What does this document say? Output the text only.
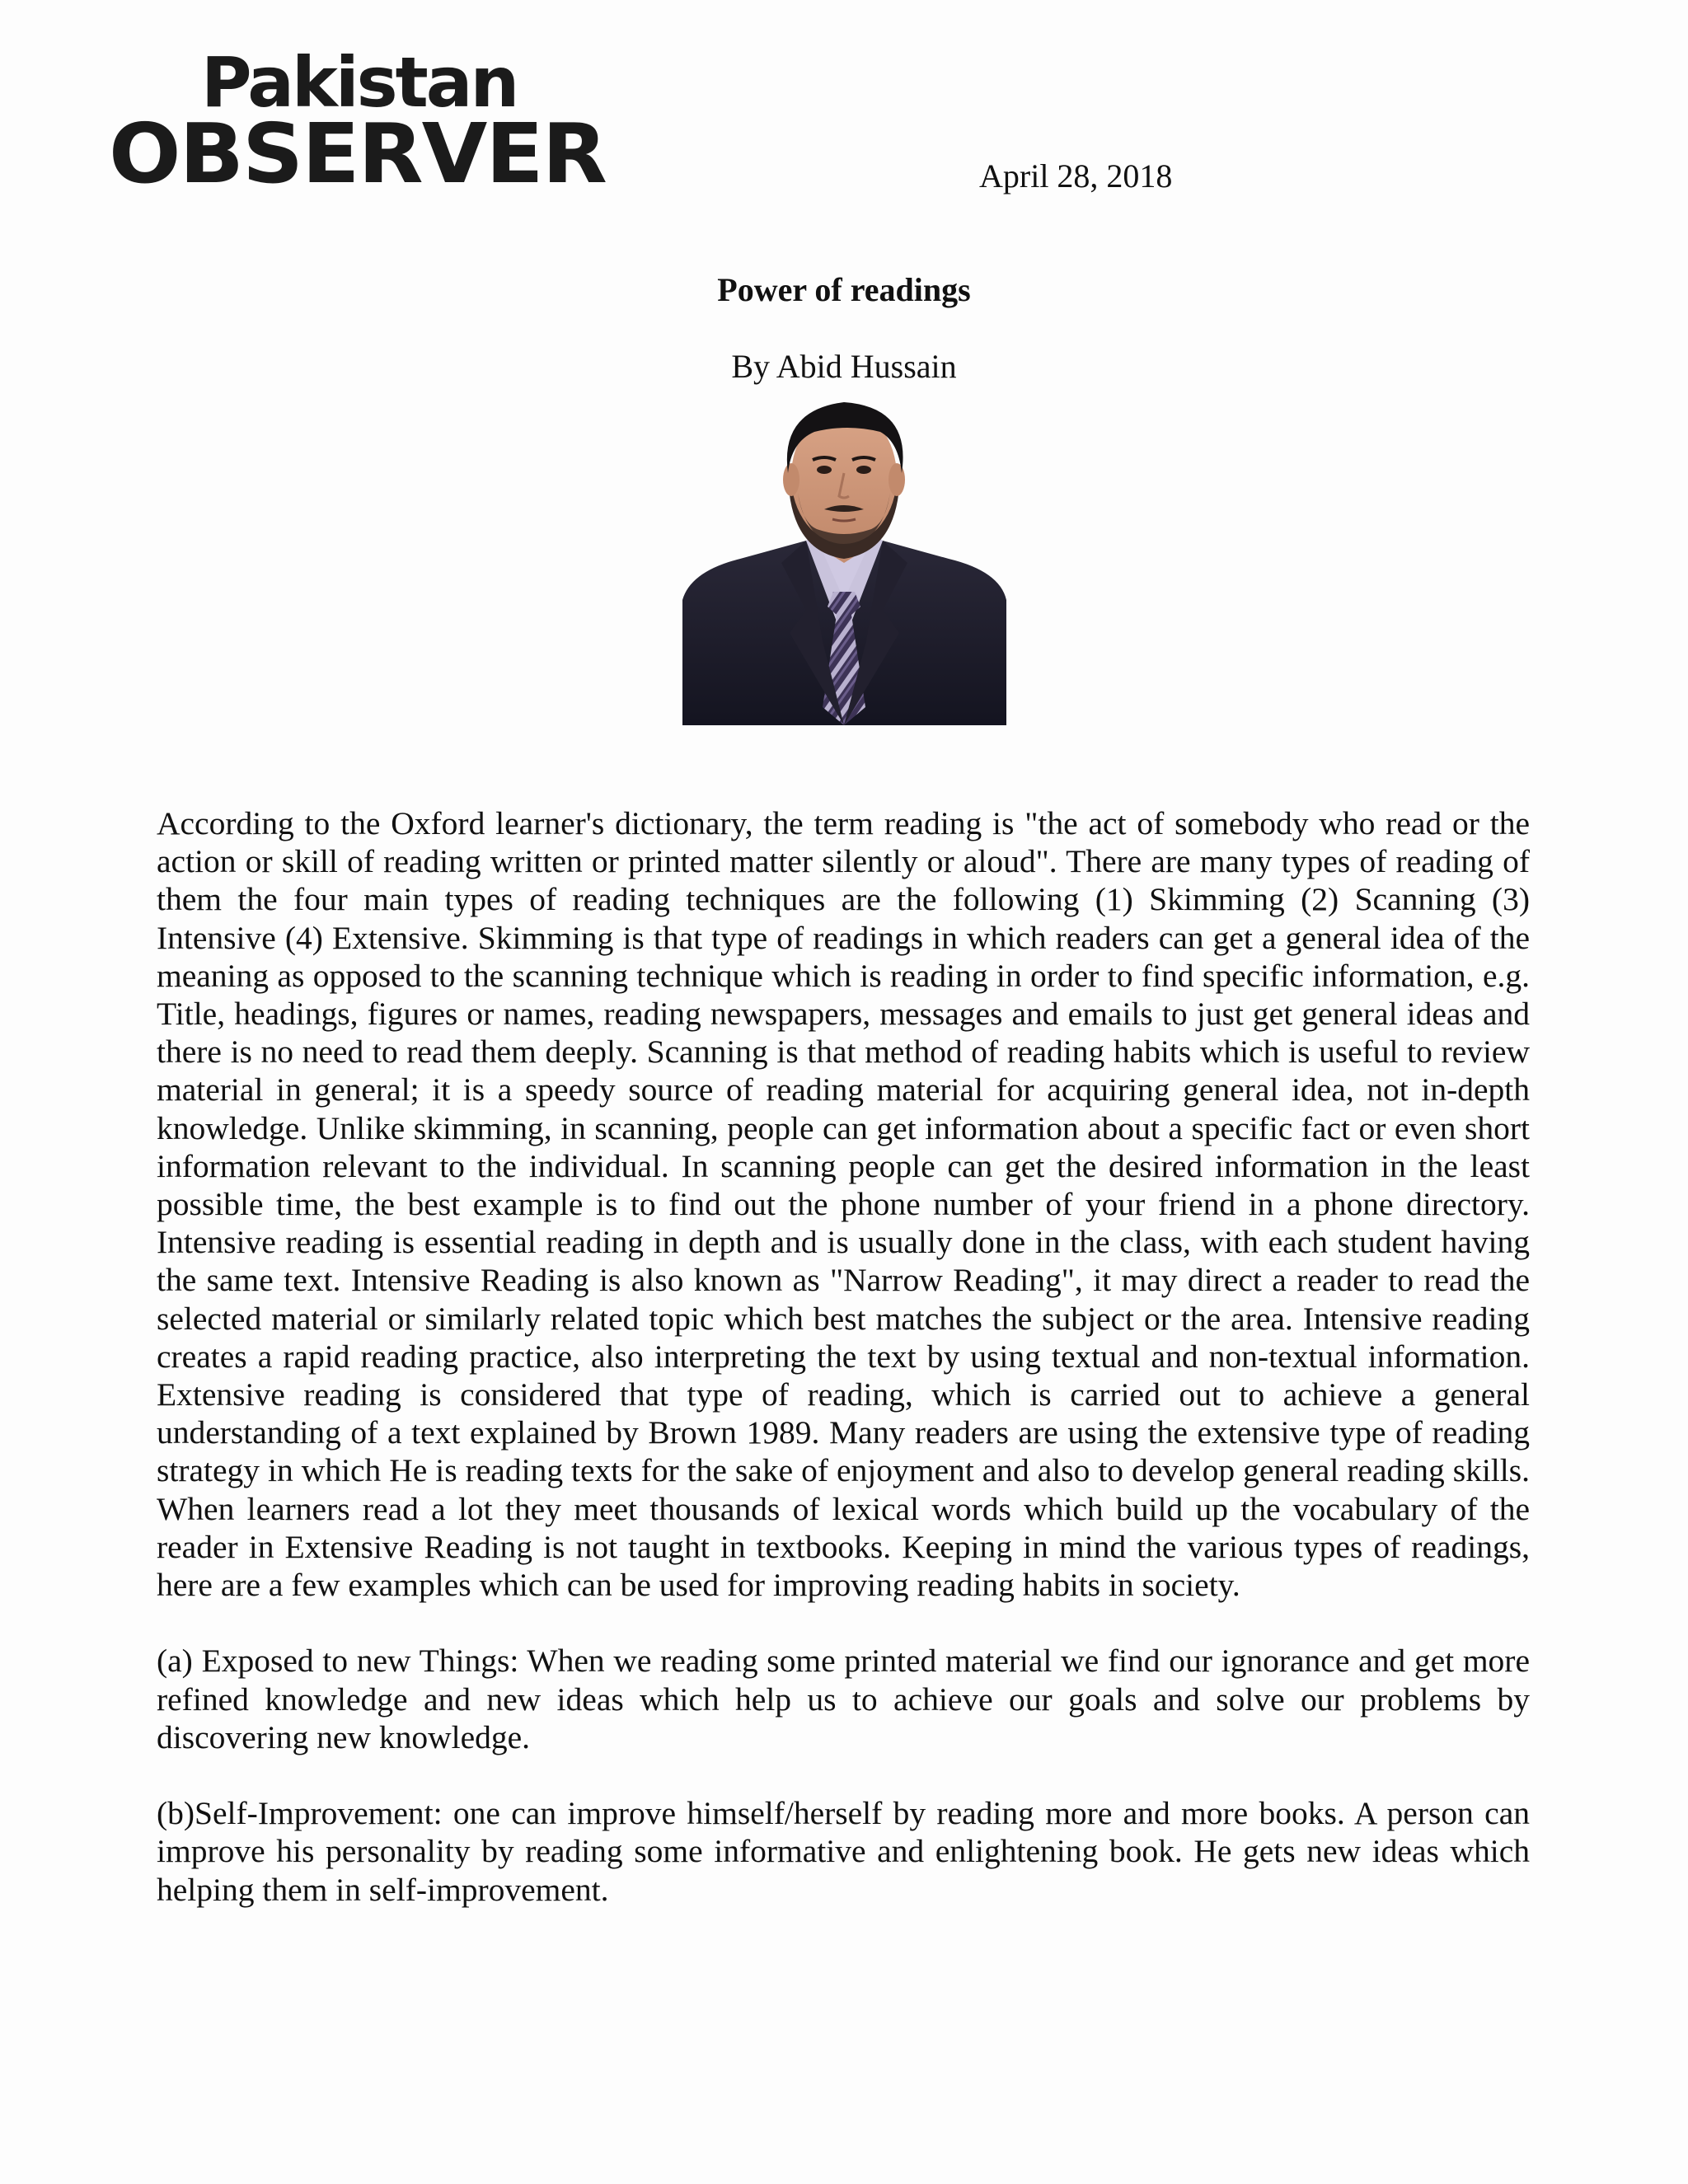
Pakistan
OBSERVER	April 28, 2018
Power of readings
By Abid Hussain

According to the Oxford learner's dictionary, the term reading is "the act of somebody who read or the action or skill of reading written or printed matter silently or aloud". There are many types of reading of them the four main types of reading techniques are the following (1) Skimming (2) Scanning (3) Intensive (4) Extensive. Skimming is that type of readings in which readers can get a general idea of the meaning as opposed to the scanning technique which is reading in order to find specific information, e.g. Title, headings, figures or names, reading newspapers, messages and emails to just get general ideas and there is no need to read them deeply. Scanning is that method of reading habits which is useful to review material in general; it is a speedy source of reading material for acquiring general idea, not in-depth knowledge. Unlike skimming, in scanning, people can get information about a specific fact or even short information relevant to the individual. In scanning people can get the desired information in the least possible time, the best example is to find out the phone number of your friend in a phone directory. Intensive reading is essential reading in depth and is usually done in the class, with each student having the same text. Intensive Reading is also known as "Narrow Reading", it may direct a reader to read the selected material or similarly related topic which best matches the subject or the area. Intensive reading creates a rapid reading practice, also interpreting the text by using textual and non-textual information. Extensive reading is considered that type of reading, which is carried out to achieve a general understanding of a text explained by Brown 1989. Many readers are using the extensive type of reading strategy in which He is reading texts for the sake of enjoyment and also to develop general reading skills. When learners read a lot they meet thousands of lexical words which build up the vocabulary of the reader in Extensive Reading is not taught in textbooks. Keeping in mind the various types of readings, here are a few examples which can be used for improving reading habits in society.

(a) Exposed to new Things: When we reading some printed material we find our ignorance and get more refined knowledge and new ideas which help us to achieve our goals and solve our problems by discovering new knowledge.

(b)Self-Improvement: one can improve himself/herself by reading more and more books. A person can improve his personality by reading some informative and enlightening book. He gets new ideas which helping them in self-improvement.
